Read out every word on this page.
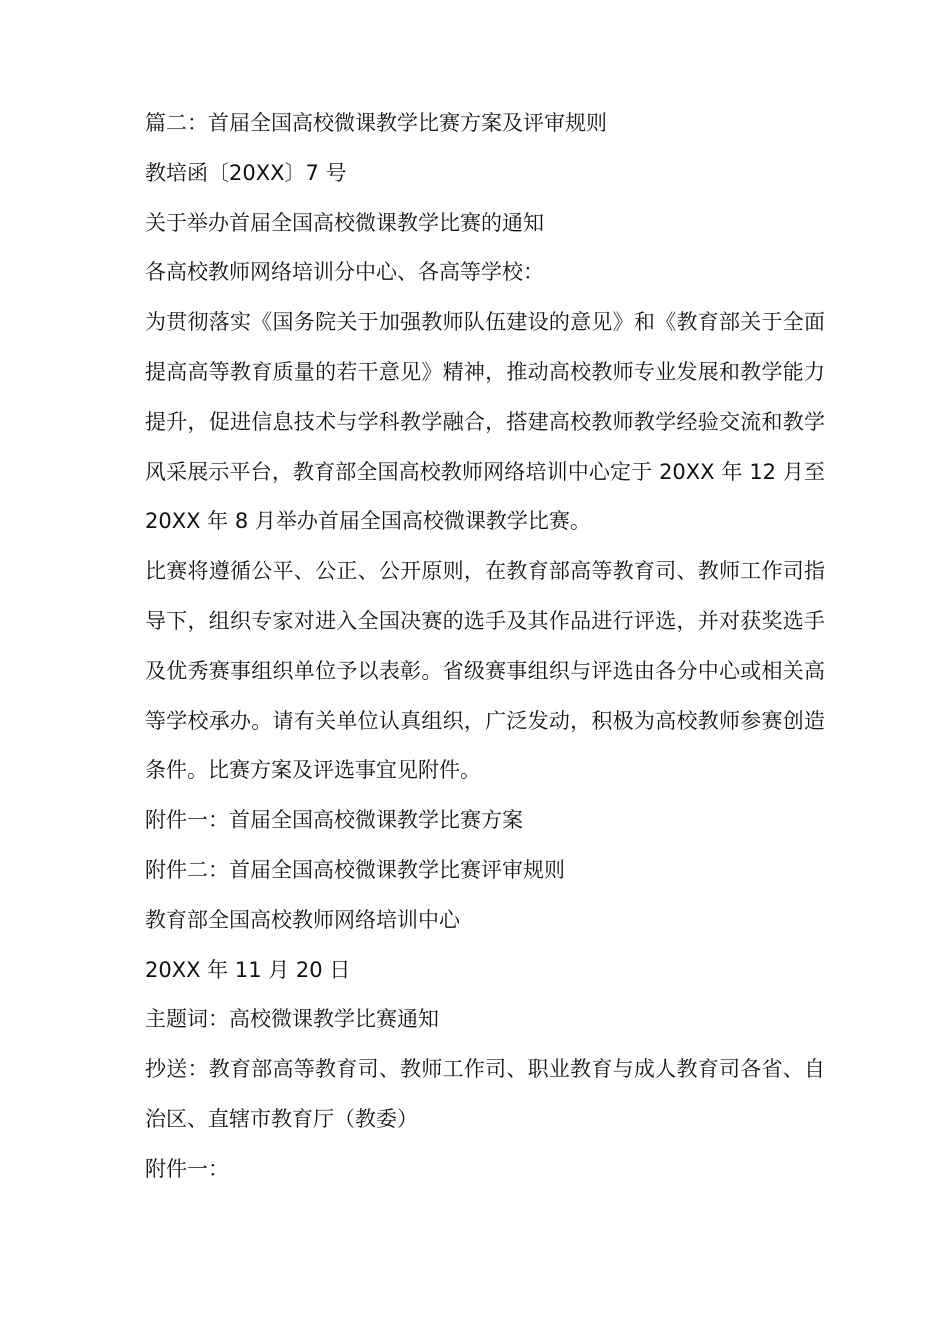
篇二：首届全国高校微课教学比赛方案及评审规则

教培函〔20XX〕7 号

关于举办首届全国高校微课教学比赛的通知

各高校教师网络培训分中心、各高等学校：

为贯彻落实《国务院关于加强教师队伍建设的意见》和《教育部关于全面提高高等教育质量的若干意见》精神，推动高校教师专业发展和教学能力提升，促进信息技术与学科教学融合，搭建高校教师教学经验交流和教学风采展示平台，教育部全国高校教师网络培训中心定于 20XX 年 12 月至 20XX 年 8 月举办首届全国高校微课教学比赛。

比赛将遵循公平、公正、公开原则，在教育部高等教育司、教师工作司指导下，组织专家对进入全国决赛的选手及其作品进行评选，并对获奖选手及优秀赛事组织单位予以表彰。省级赛事组织与评选由各分中心或相关高等学校承办。请有关单位认真组织，广泛发动，积极为高校教师参赛创造条件。比赛方案及评选事宜见附件。

附件一：首届全国高校微课教学比赛方案

附件二：首届全国高校微课教学比赛评审规则

教育部全国高校教师网络培训中心

20XX 年 11 月 20 日

主题词：高校微课教学比赛通知

抄送：教育部高等教育司、教师工作司、职业教育与成人教育司各省、自治区、直辖市教育厅（教委）

附件一：
